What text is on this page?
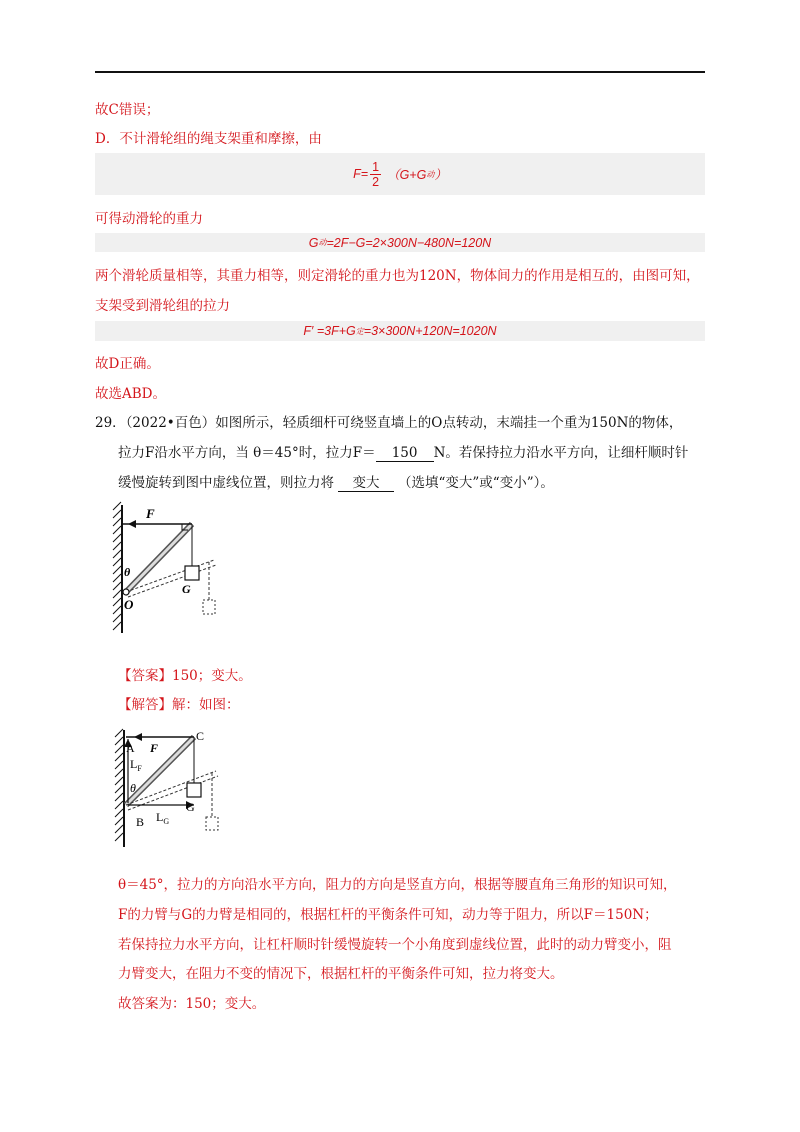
故C错误；
D．不计滑轮组的绳支架重和摩擦，由
$F= \frac{1}{2} (G+G$ 动 ）
可得动滑轮的重力
G 动 =2F−G=2×300N−480N=120N
两个滑轮质量相等，其重力相等，则定滑轮的重力也为120N，物体间力的作用是相互的，由图可知，
支架受到滑轮组的拉力
F′ =3F+G 定 =3×300N+120N=1020N
故D正确。
故选ABD。
29．（2022•百色）如图所示，轻质细杆可绕竖直墙上的O点转动，末端挂一个重为150N的物体，
拉力F沿水平方向，当 θ＝45°时，拉力F＝ 150 N。若保持拉力沿水平方向，让细杆顺时针
缓慢旋转到图中虚线位置，则拉力将 变大 （选填“变大”或“变小”）。
F
θ
O
G
【答案】150；变大。
【解答】解：如图：
A
C
F
$L_F$
θ
B $L_G$
G
θ＝45°，拉力的方向沿水平方向，阻力的方向是竖直方向，根据等腰直角三角形的知识可知，
F的力臂与G的力臂是相同的，根据杠杆的平衡条件可知，动力等于阻力，所以F＝150N；
若保持拉力水平方向，让杠杆顺时针缓慢旋转一个小角度到虚线位置，此时的动力臂变小，阻
力臂变大，在阻力不变的情况下，根据杠杆的平衡条件可知，拉力将变大。
故答案为：150；变大。
